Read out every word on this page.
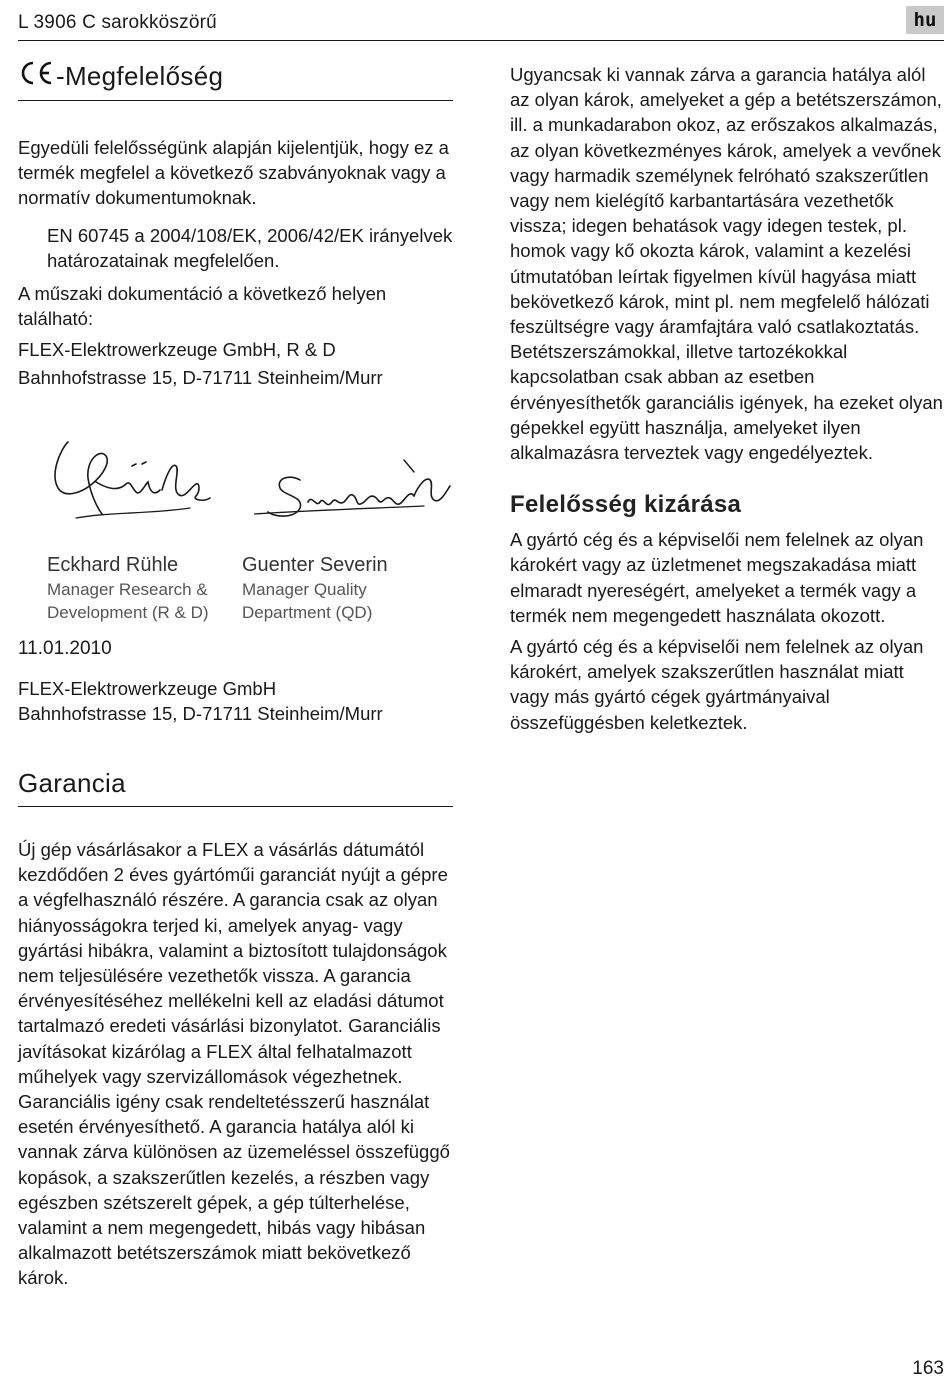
L 3906 C sarokköszörű	hu
-Megfelelőség

Egyedüli felelősségünk alapján kijelentjük, hogy ez a termék megfelel a következő szabványoknak vagy a normatív dokumentumoknak.

EN 60745 a 2004/108/EK, 2006/42/EK irányelvek határozatainak megfelelően.

A műszaki dokumentáció a következő helyen található:

FLEX-Elektrowerkzeuge GmbH, R & D

Bahnhofstrasse 15, D-71711 Steinheim/Murr

Eckhard Rühle
Manager Research &
Development (R & D)
Guenter Severin
Manager Quality
Department (QD)

11.01.2010

FLEX-Elektrowerkzeuge GmbH

Bahnhofstrasse 15, D-71711 Steinheim/Murr

Garancia

Új gép vásárlásakor a FLEX a vásárlás dátumától kezdődően 2 éves gyártóműi garanciát nyújt a gépre a végfelhasználó részére. A garancia csak az olyan hiányosságokra terjed ki, amelyek anyag- vagy gyártási hibákra, valamint a biztosított tulajdonságok nem teljesülésére vezethetők vissza. A garancia érvényesítéséhez mellékelni kell az eladási dátumot tartalmazó eredeti vásárlási bizonylatot. Garanciális javításokat kizárólag a FLEX által felhatalmazott műhelyek vagy szervizállomások végezhetnek. Garanciális igény csak rendeltetésszerű használat esetén érvényesíthető. A garancia hatálya alól ki vannak zárva különösen az üzemeléssel összefüggő kopások, a szakszerűtlen kezelés, a részben vagy egészben szétszerelt gépek, a gép túlterhelése, valamint a nem megengedett, hibás vagy hibásan alkalmazott betétszerszámok miatt bekövetkező károk.

Ugyancsak ki vannak zárva a garancia hatálya alól az olyan károk, amelyeket a gép a betétszerszámon, ill. a munkadarabon okoz, az erőszakos alkalmazás, az olyan következményes károk, amelyek a vevőnek vagy harmadik személynek felróható szakszerűtlen vagy nem kielégítő karbantartására vezethetők vissza; idegen behatások vagy idegen testek, pl. homok vagy kő okozta károk, valamint a kezelési útmutatóban leírtak figyelmen kívül hagyása miatt bekövetkező károk, mint pl. nem megfelelő hálózati feszültségre vagy áramfajtára való csatlakoztatás. Betétszerszámokkal, illetve tartozékokkal kapcsolatban csak abban az esetben érvényesíthetők garanciális igények, ha ezeket olyan gépekkel együtt használja, amelyeket ilyen alkalmazásra terveztek vagy engedélyeztek.

Felelősség kizárása

A gyártó cég és a képviselői nem felelnek az olyan károkért vagy az üzletmenet megszakadása miatt elmaradt nyereségért, amelyeket a termék vagy a termék nem megengedett használata okozott.

A gyártó cég és a képviselői nem felelnek az olyan károkért, amelyek szakszerűtlen használat miatt vagy más gyártó cégek gyártmányaival összefüggésben keletkeztek.

163
